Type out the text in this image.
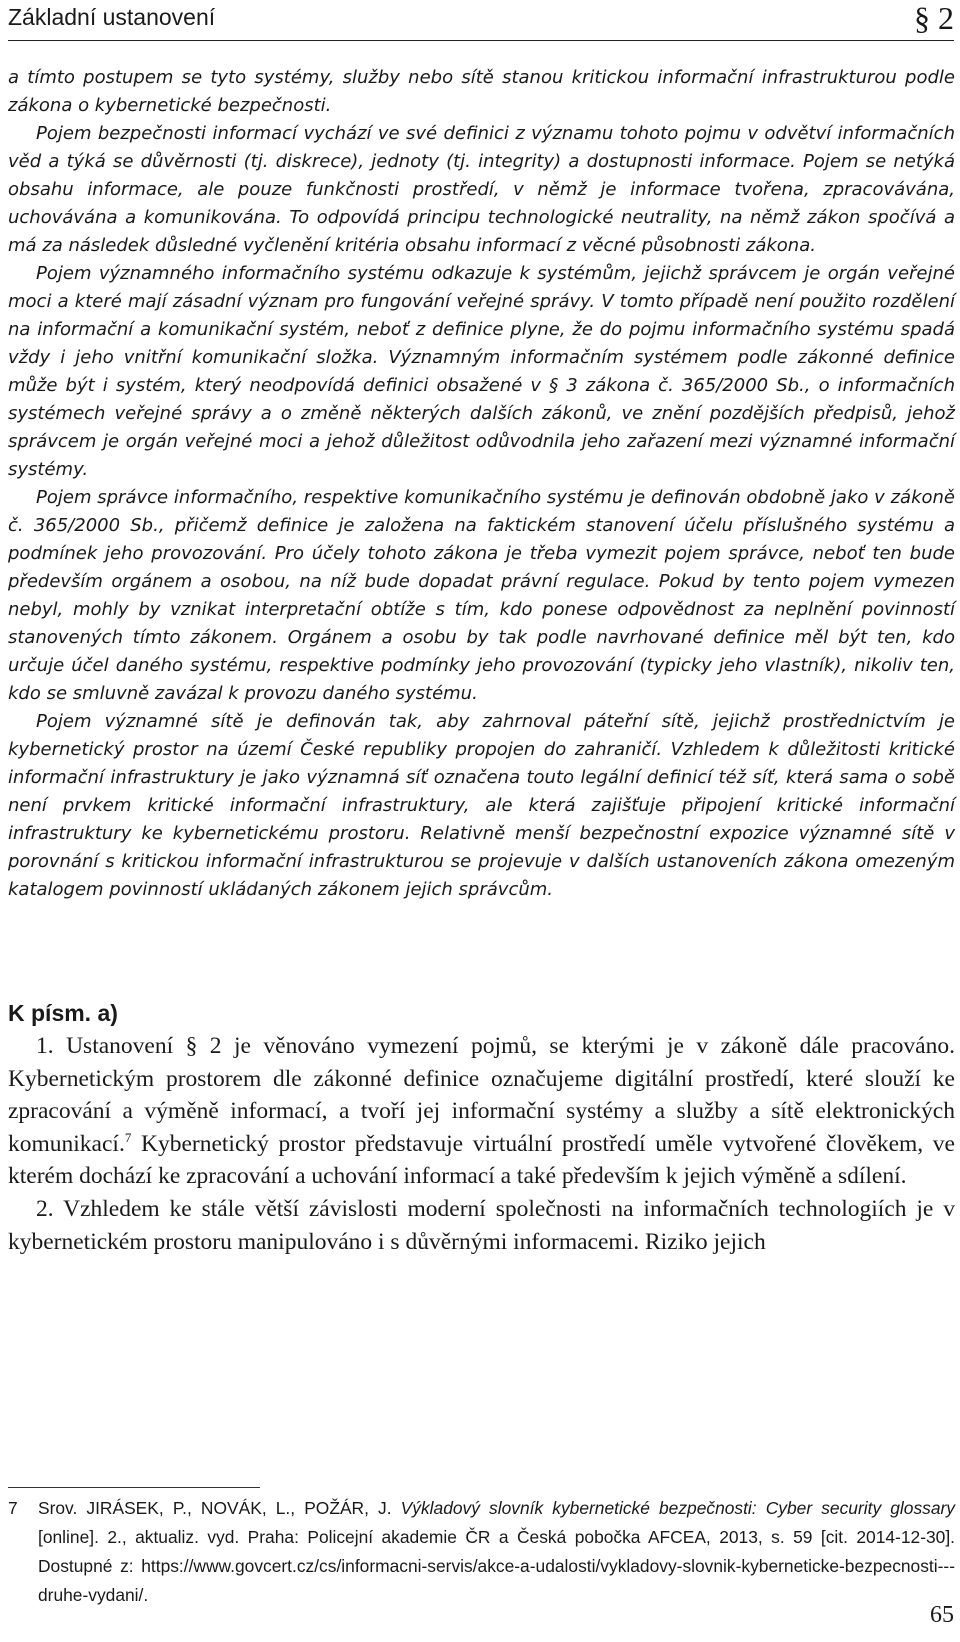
Základní ustanovení	§ 2

a tímto postupem se tyto systémy, služby nebo sítě stanou kritickou informační infrastrukturou podle zákona o kybernetické bezpečnosti.

Pojem bezpečnosti informací vychází ve své definici z významu tohoto pojmu v odvětví informačních věd a týká se důvěrnosti (tj. diskrece), jednoty (tj. integrity) a dostupnosti informace. Pojem se netýká obsahu informace, ale pouze funkčnosti prostředí, v němž je informace tvořena, zpracovávána, uchovávána a komunikována. To odpovídá principu technologické neutrality, na němž zákon spočívá a má za následek důsledné vyčlenění kritéria obsahu informací z věcné působnosti zákona.

Pojem významného informačního systému odkazuje k systémům, jejichž správcem je orgán veřejné moci a které mají zásadní význam pro fungování veřejné správy. V tomto případě není použito rozdělení na informační a komunikační systém, neboť z definice plyne, že do pojmu informačního systému spadá vždy i jeho vnitřní komunikační složka. Významným informačním systémem podle zákonné definice může být i systém, který neodpovídá definici obsažené v § 3 zákona č. 365/2000 Sb., o informačních systémech veřejné správy a o změně některých dalších zákonů, ve znění pozdějších předpisů, jehož správcem je orgán veřejné moci a jehož důležitost odůvodnila jeho zařazení mezi významné informační systémy.

Pojem správce informačního, respektive komunikačního systému je definován obdobně jako v zákoně č. 365/2000 Sb., přičemž definice je založena na faktickém stanovení účelu příslušného systému a podmínek jeho provozování. Pro účely tohoto zákona je třeba vymezit pojem správce, neboť ten bude především orgánem a osobou, na níž bude dopadat právní regulace. Pokud by tento pojem vymezen nebyl, mohly by vznikat interpretační obtíže s tím, kdo ponese odpovědnost za neplnění povinností stanovených tímto zákonem. Orgánem a osobu by tak podle navrhované definice měl být ten, kdo určuje účel daného systému, respektive podmínky jeho provozování (typicky jeho vlastník), nikoliv ten, kdo se smluvně zavázal k provozu daného systému.

Pojem významné sítě je definován tak, aby zahrnoval páteřní sítě, jejichž prostřednictvím je kybernetický prostor na území České republiky propojen do zahraničí. Vzhledem k důležitosti kritické informační infrastruktury je jako významná síť označena touto legální definicí též síť, která sama o sobě není prvkem kritické informační infrastruktury, ale která zajišťuje připojení kritické informační infrastruktury ke kybernetickému prostoru. Relativně menší bezpečnostní expozice významné sítě v porovnání s kritickou informační infrastrukturou se projevuje v dalších ustanoveních zákona omezeným katalogem povinností ukládaných zákonem jejich správcům.

K písm. a)

1. Ustanovení § 2 je věnováno vymezení pojmů, se kterými je v zákoně dále pracováno. Kybernetickým prostorem dle zákonné definice označujeme digitální prostředí, které slouží ke zpracování a výměně informací, a tvoří jej informační systémy a služby a sítě elektronických komunikací.$^7$ Kybernetický prostor představuje virtuální prostředí uměle vytvořené člověkem, ve kterém dochází ke zpracování a uchování informací a také především k jejich výměně a sdílení.

2. Vzhledem ke stále větší závislosti moderní společnosti na informačních technologiích je v kybernetickém prostoru manipulováno i s důvěrnými informacemi. Riziko jejich

7 Srov. JIRÁSEK, P., NOVÁK, L., POŽÁR, J. Výkladový slovník kybernetické bezpečnosti: Cyber security glossary [online]. 2., aktualiz. vyd. Praha: Policejní akademie ČR a Česká pobočka AFCEA, 2013, s. 59 [cit. 2014-12-30]. Dostupné z: https://www.govcert.cz/cs/informacni-servis/akce-a-udalosti/vykladovy-slovnik-kyberneticke-bezpecnosti---druhe-vydani/.
65
